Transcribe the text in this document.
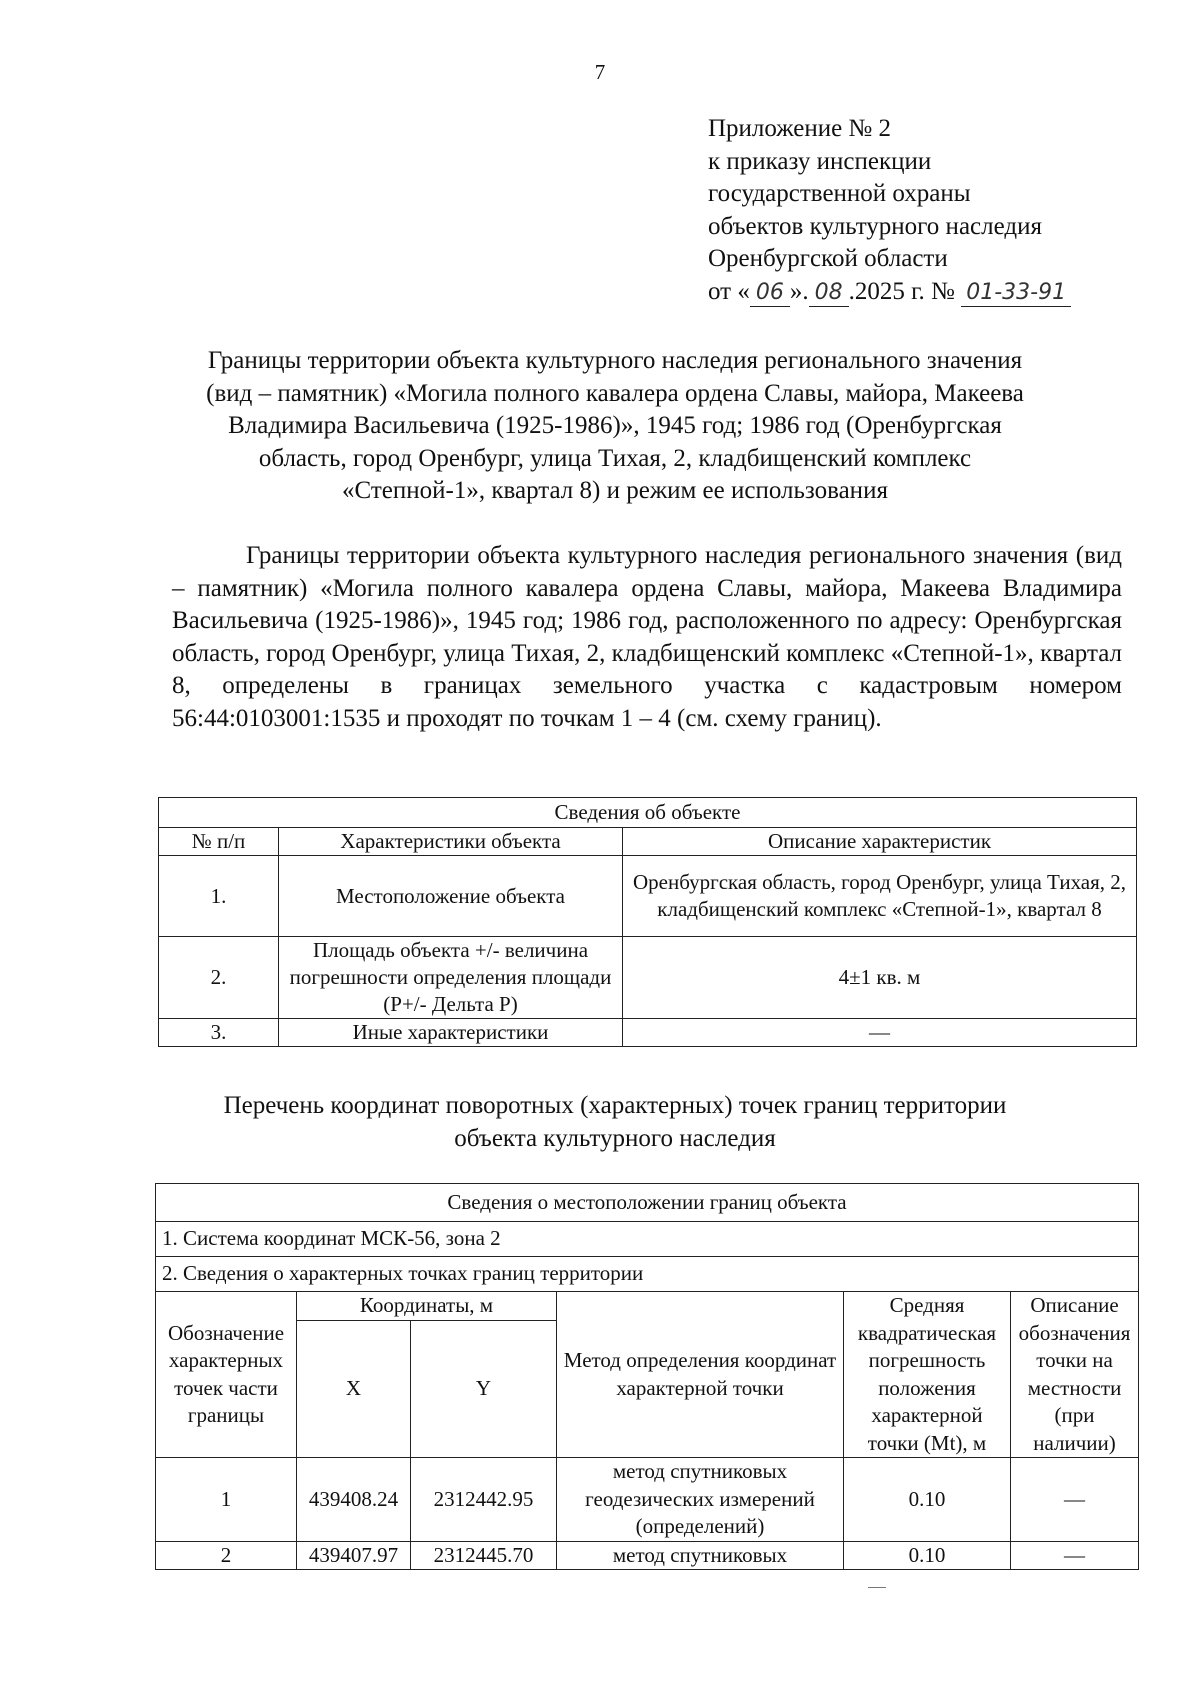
7
Приложение № 2
к приказу инспекции
государственной охраны
объектов культурного наследия
Оренбургской области
от « 06 ». 08 .2025 г. № 01-33-91
Границы территории объекта культурного наследия регионального значения
(вид – памятник) «Могила полного кавалера ордена Славы, майора, Макеева
Владимира Васильевича (1925-1986)», 1945 год; 1986 год (Оренбургская
область, город Оренбург, улица Тихая, 2, кладбищенский комплекс
«Степной-1», квартал 8) и режим ее использования

Границы территории объекта культурного наследия регионального значения (вид – памятник) «Могила полного кавалера ордена Славы, майора, Макеева Владимира Васильевича (1925-1986)», 1945 год; 1986 год, расположенного по адресу: Оренбургская область, город Оренбург, улица Тихая, 2, кладбищенский комплекс «Степной-1», квартал 8, определены в границах земельного участка с кадастровым номером 56:44:0103001:1535 и проходят по точкам 1 – 4 (см. схему границ).

Сведения об объекте		
№ п/п	Характеристики объекта	Описание характеристик
1.	Местоположение объекта	Оренбургская область, город Оренбург, улица Тихая, 2, кладбищенский комплекс «Степной-1», квартал 8
2.	Площадь объекта +/- величина погрешности определения площади (Р+/- Дельта Р)	4±1 кв. м
3.	Иные характеристики	—
Перечень координат поворотных (характерных) точек границ территории
объекта культурного наследия
Сведения о местоположении границ объекта					
1. Система координат МСК-56, зона 2					
2. Сведения о характерных точках границ территории					
Обозначение характерных точек части границы	Координаты, м		Метод определения координат характерной точки	Средняя квадратическая погрешность положения характерной точки (Mt), м	Описание обозначения точки на местности (при наличии)
	X	Y			
1	439408.24	2312442.95	метод спутниковых геодезических измерений (определений)	0.10	—
2	439407.97	2312445.70	метод спутниковых	0.10	—
